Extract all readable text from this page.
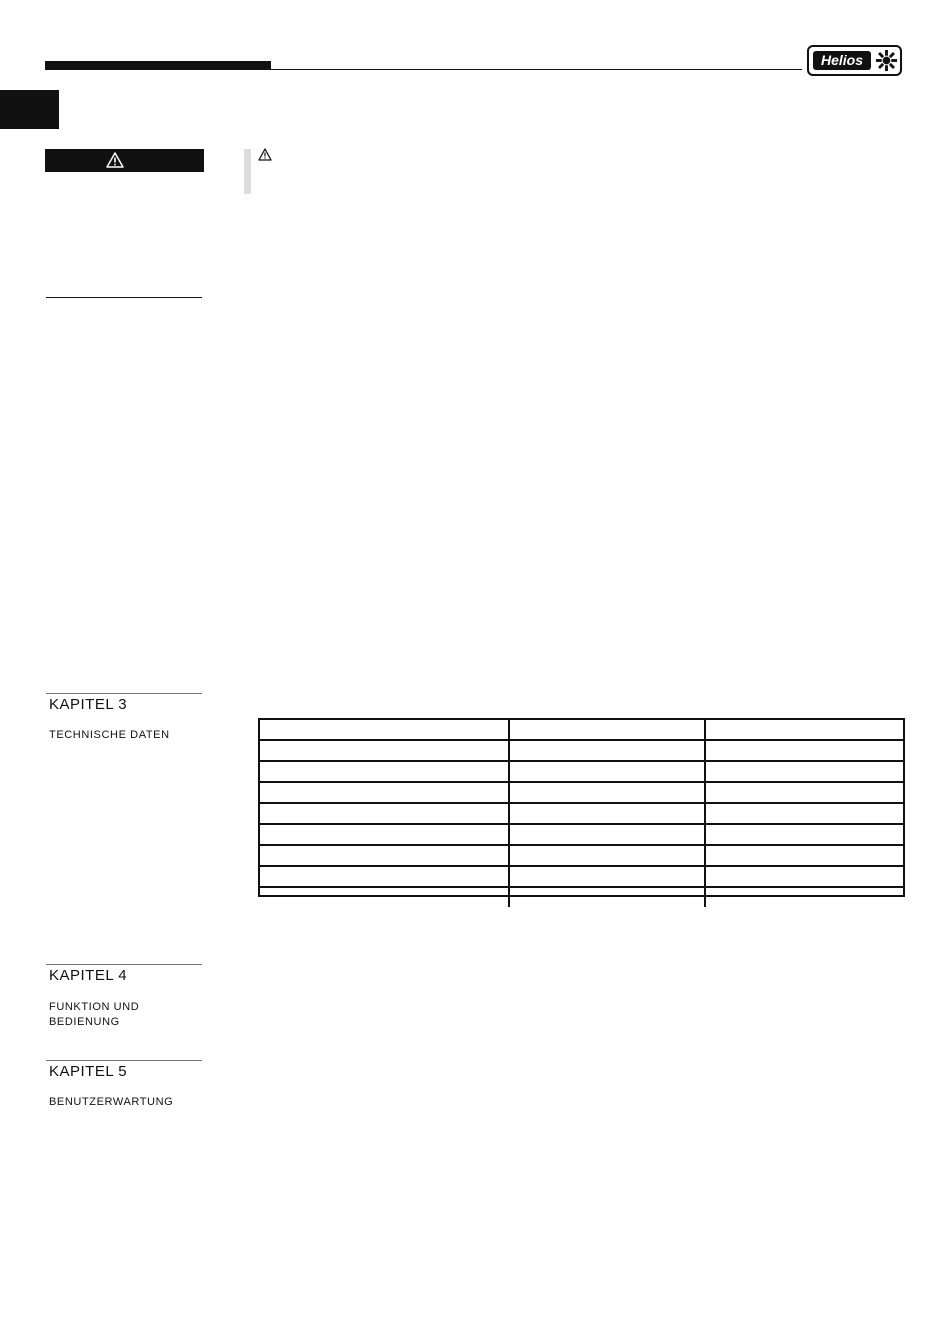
Helios
KAPITEL 3
TECHNISCHE DATEN

KAPITEL 4
FUNKTION UND BEDIENUNG
KAPITEL 5
BENUTZERWARTUNG
